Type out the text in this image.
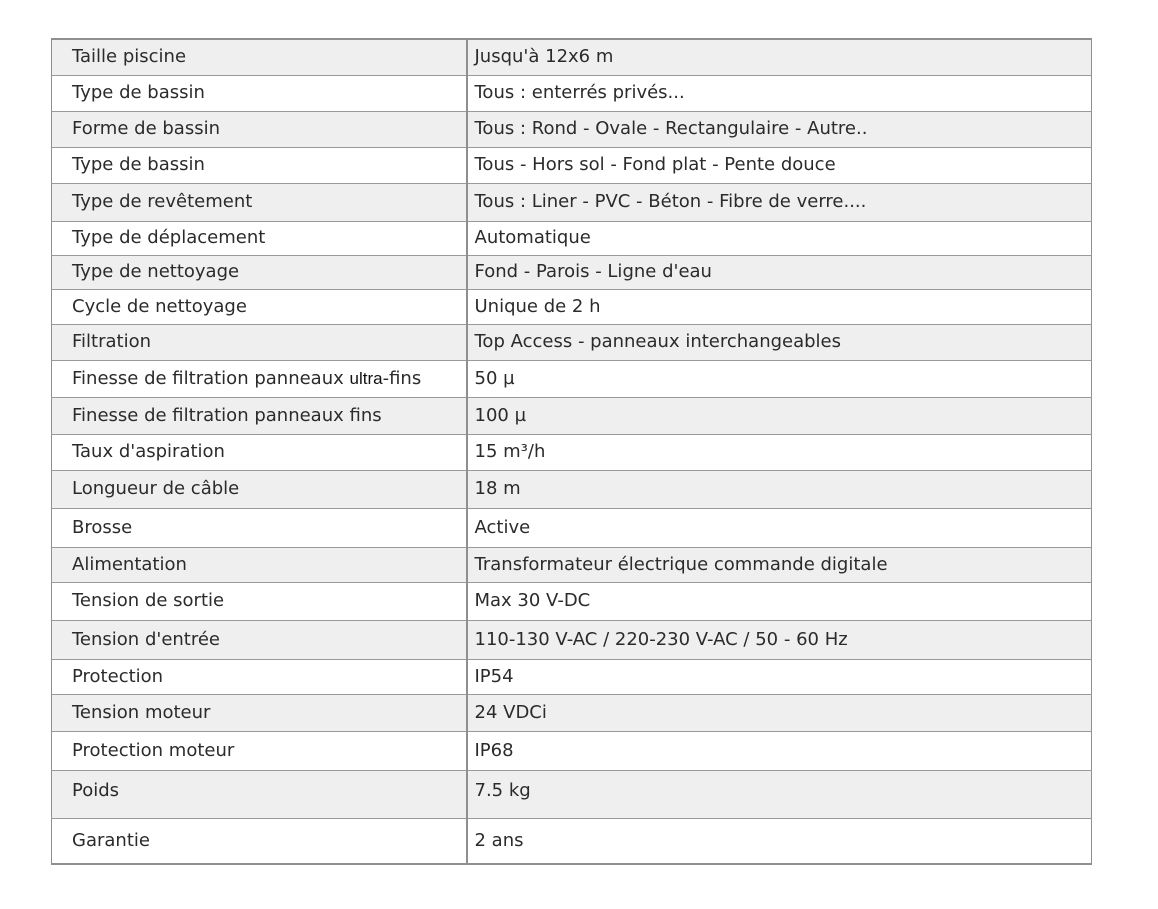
Taille piscine	Jusqu'à 12x6 m
Type de bassin	Tous : enterrés privés...
Forme de bassin	Tous : Rond - Ovale - Rectangulaire - Autre..
Type de bassin	Tous - Hors sol - Fond plat - Pente douce
Type de revêtement	Tous : Liner - PVC - Béton - Fibre de verre....
Type de déplacement	Automatique
Type de nettoyage	Fond - Parois - Ligne d'eau
Cycle de nettoyage	Unique de 2 h
Filtration	Top Access - panneaux interchangeables
Finesse de filtration panneaux ultra-fins	50 µ
Finesse de filtration panneaux fins	100 µ
Taux d'aspiration	15 m³/h
Longueur de câble	18 m
Brosse	Active
Alimentation	Transformateur électrique commande digitale
Tension de sortie	Max 30 V-DC
Tension d'entrée	110-130 V-AC / 220-230 V-AC / 50 - 60 Hz
Protection	IP54
Tension moteur	24 VDCi
Protection moteur	IP68
Poids	7.5 kg
Garantie	2 ans
